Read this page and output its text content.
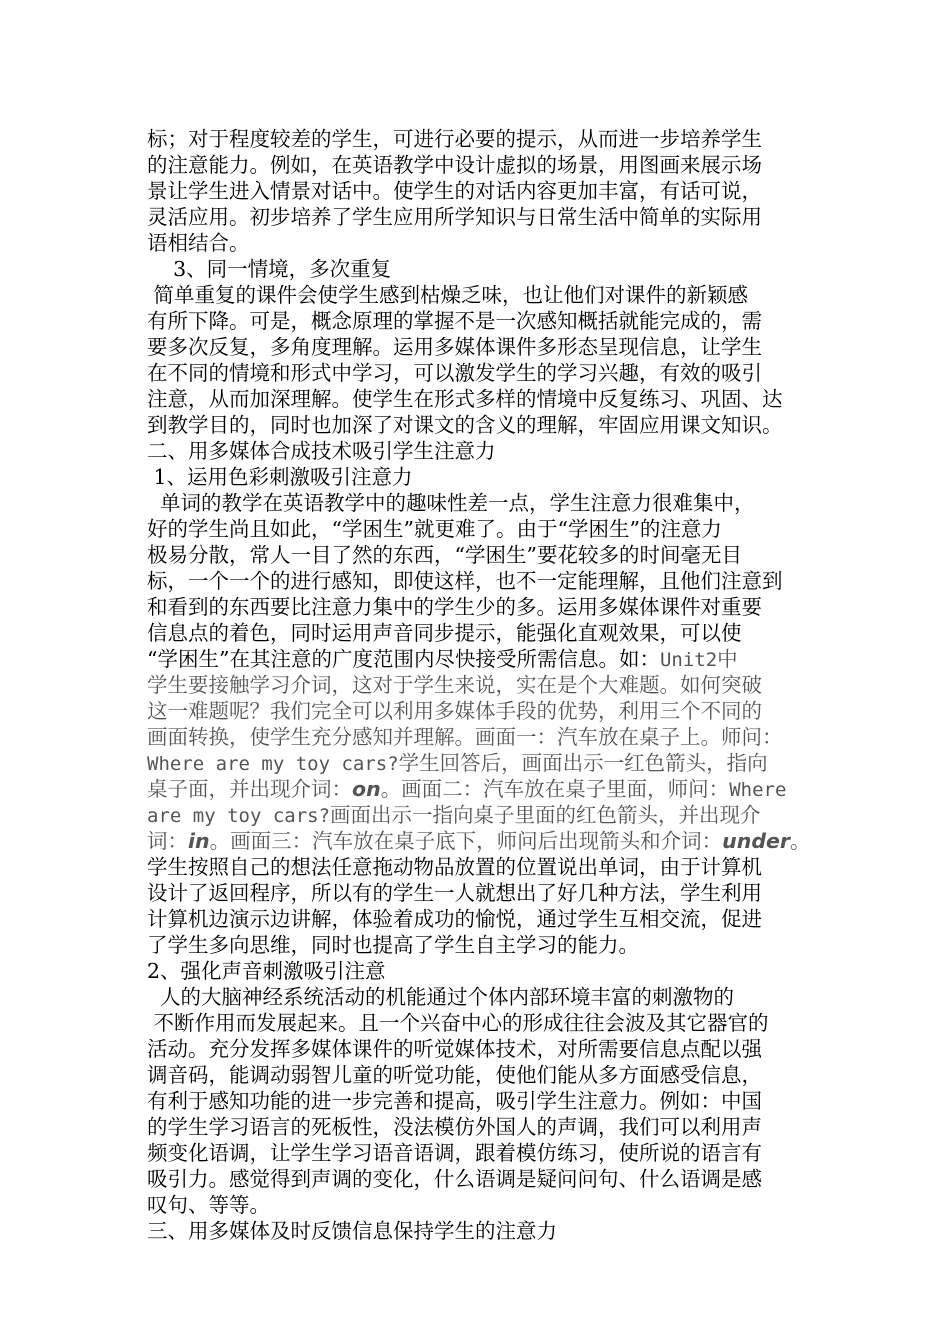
标；对于程度较差的学生，可进行必要的提示，从而进一步培养学生
的注意能力。例如，在英语教学中设计虚拟的场景，用图画来展示场
景让学生进入情景对话中。使学生的对话内容更加丰富，有话可说，
灵活应用。初步培养了学生应用所学知识与日常生活中简单的实际用
语相结合。
3、同一情境，多次重复
简单重复的课件会使学生感到枯燥乏味，也让他们对课件的新颖感
有所下降。可是，概念原理的掌握不是一次感知概括就能完成的，需
要多次反复，多角度理解。运用多媒体课件多形态呈现信息，让学生
在不同的情境和形式中学习，可以激发学生的学习兴趣，有效的吸引
注意，从而加深理解。使学生在形式多样的情境中反复练习、巩固、达
到教学目的，同时也加深了对课文的含义的理解，牢固应用课文知识。
二、用多媒体合成技术吸引学生注意力
1、运用色彩刺激吸引注意力
单词的教学在英语教学中的趣味性差一点，学生注意力很难集中，
好的学生尚且如此，“学困生”就更难了。由于“学困生”的注意力
极易分散，常人一目了然的东西，“学困生”要花较多的时间毫无目
标，一个一个的进行感知，即使这样，也不一定能理解，且他们注意到
和看到的东西要比注意力集中的学生少的多。运用多媒体课件对重要
信息点的着色，同时运用声音同步提示，能强化直观效果，可以使
“学困生”在其注意的广度范围内尽快接受所需信息。如：Unit2中
学生要接触学习介词，这对于学生来说，实在是个大难题。如何突破
这一难题呢？我们完全可以利用多媒体手段的优势，利用三个不同的
画面转换，使学生充分感知并理解。画面一：汽车放在桌子上。师问：
Where are my toy cars?学生回答后，画面出示一红色箭头，指向
桌子面，并出现介词：on。画面二：汽车放在桌子里面，师问：Where
are my toy cars?画面出示一指向桌子里面的红色箭头，并出现介
词：in。画面三：汽车放在桌子底下，师问后出现箭头和介词：under。
学生按照自己的想法任意拖动物品放置的位置说出单词，由于计算机
设计了返回程序，所以有的学生一人就想出了好几种方法，学生利用
计算机边演示边讲解，体验着成功的愉悦，通过学生互相交流，促进
了学生多向思维，同时也提高了学生自主学习的能力。
2、强化声音刺激吸引注意
人的大脑神经系统活动的机能通过个体内部环境丰富的刺激物的
不断作用而发展起来。且一个兴奋中心的形成往往会波及其它器官的
活动。充分发挥多媒体课件的听觉媒体技术，对所需要信息点配以强
调音码，能调动弱智儿童的听觉功能，使他们能从多方面感受信息，
有利于感知功能的进一步完善和提高，吸引学生注意力。例如：中国
的学生学习语言的死板性，没法模仿外国人的声调，我们可以利用声
频变化语调，让学生学习语音语调，跟着模仿练习，使所说的语言有
吸引力。感觉得到声调的变化，什么语调是疑问问句、什么语调是感
叹句、等等。
三、用多媒体及时反馈信息保持学生的注意力
